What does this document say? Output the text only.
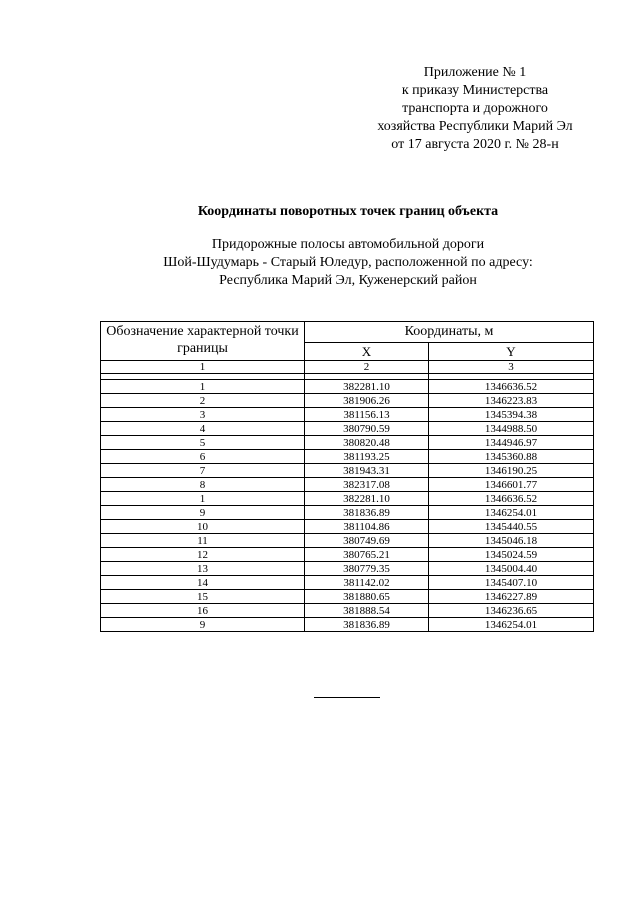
Приложение № 1
к приказу Министерства
транспорта и дорожного
хозяйства Республики Марий Эл
от 17 августа 2020 г. № 28-н
Координаты поворотных точек границ объекта
Придорожные полосы автомобильной дороги
Шой-Шудумарь - Старый Юледур, расположенной по адресу:
Республика Марий Эл, Куженерский район
Обозначение характерной точки границы	Координаты, м	
	X	Y
1	2	3

1	382281.10	1346636.52
2	381906.26	1346223.83
3	381156.13	1345394.38
4	380790.59	1344988.50
5	380820.48	1344946.97
6	381193.25	1345360.88
7	381943.31	1346190.25
8	382317.08	1346601.77
1	382281.10	1346636.52
9	381836.89	1346254.01
10	381104.86	1345440.55
11	380749.69	1345046.18
12	380765.21	1345024.59
13	380779.35	1345004.40
14	381142.02	1345407.10
15	381880.65	1346227.89
16	381888.54	1346236.65
9	381836.89	1346254.01
